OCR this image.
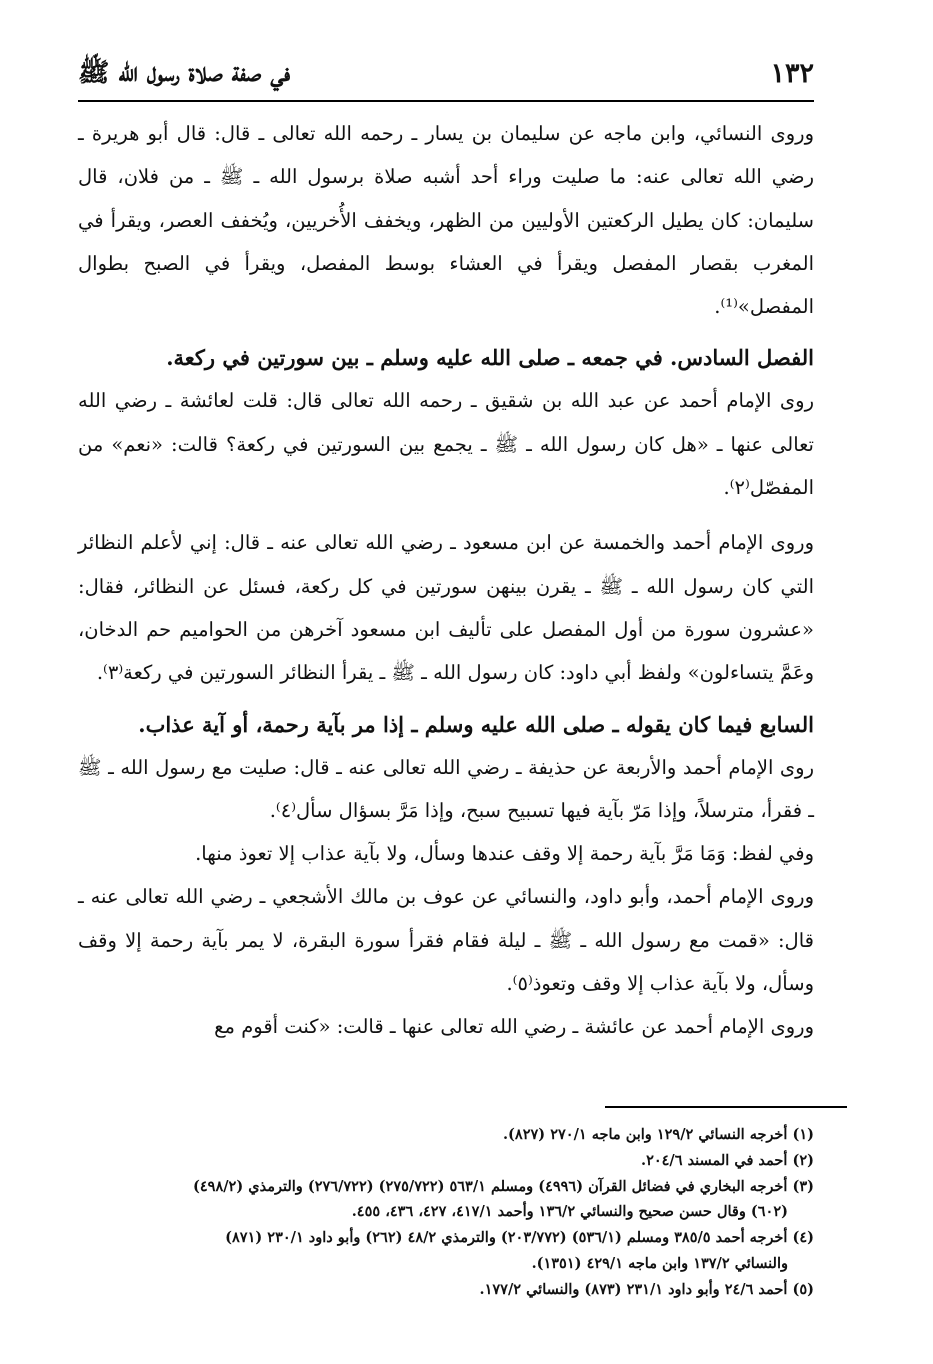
١٣٢
في صفة صلاة رسول الله ﷺ

وروى النسائي، وابن ماجه عن سليمان بن يسار ـ رحمه الله تعالى ـ قال: قال أبو هريرة ـ رضي الله تعالى عنه: ما صليت وراء أحد أشبه صلاة برسول الله ـ ﷺ ـ من فلان، قال سليمان: كان يطيل الركعتين الأوليين من الظهر، ويخفف الأُخريين، ويُخفف العصر، ويقرأ في المغرب بقصار المفصل ويقرأ في العشاء بوسط المفصل، ويقرأ في الصبح بطوال المفصل»⁽¹⁾.

الفصل السادس. في جمعه ـ صلى الله عليه وسلم ـ بين سورتين في ركعة.

روى الإمام أحمد عن عبد الله بن شقيق ـ رحمه الله تعالى قال: قلت لعائشة ـ رضي الله تعالى عنها ـ «هل كان رسول الله ـ ﷺ ـ يجمع بين السورتين في ركعة؟ قالت: «نعم» من المفصّل⁽٢⁾.

وروى الإمام أحمد والخمسة عن ابن مسعود ـ رضي الله تعالى عنه ـ قال: إني لأعلم النظائر التي كان رسول الله ـ ﷺ ـ يقرن بينهن سورتين في كل ركعة، فسئل عن النظائر، فقال: «عشرون سورة من أول المفصل على تأليف ابن مسعود آخرهن من الحواميم حم الدخان، وعَمَّ يتساءلون» ولفظ أبي داود: كان رسول الله ـ ﷺ ـ يقرأ النظائر السورتين في ركعة⁽٣⁾.

السابع فيما كان يقوله ـ صلى الله عليه وسلم ـ إذا مر بآية رحمة، أو آية عذاب.

روى الإمام أحمد والأربعة عن حذيفة ـ رضي الله تعالى عنه ـ قال: صليت مع رسول الله ـ ﷺ ـ فقرأ، مترسلاً، وإذا مَرّ بآية فيها تسبيح سبح، وإذا مَرَّ بسؤال سأل⁽٤⁾.

وفي لفظ: وَمَا مَرَّ بآية رحمة إلا وقف عندها وسأل، ولا بآية عذاب إلا تعوذ منها.

وروى الإمام أحمد، وأبو داود، والنسائي عن عوف بن مالك الأشجعي ـ رضي الله تعالى عنه ـ قال: «قمت مع رسول الله ـ ﷺ ـ ليلة فقام فقرأ سورة البقرة، لا يمر بآية رحمة إلا وقف وسأل، ولا بآية عذاب إلا وقف وتعوذ⁽٥⁾.

وروى الإمام أحمد عن عائشة ـ رضي الله تعالى عنها ـ قالت: «كنت أقوم مع

(١) أخرجه النسائي ١٢٩/٢ وابن ماجه ٢٧٠/١ (٨٢٧).

(٢) أحمد في المسند ٢٠٤/٦.

(٣) أخرجه البخاري في فضائل القرآن (٤٩٩٦) ومسلم ٥٦٣/١ (٢٧٥/٧٢٢) (٢٧٦/٧٢٢) والترمذي (٤٩٨/٢)

(٦٠٢) وقال حسن صحيح والنسائي ١٣٦/٢ وأحمد ٤١٧/١، ٤٢٧، ٤٣٦، ٤٥٥.

(٤) أخرجه أحمد ٣٨٥/٥ ومسلم (٥٣٦/١) (٢٠٣/٧٧٢) والترمذي ٤٨/٢ (٢٦٢) وأبو داود ٢٣٠/١ (٨٧١)

والنسائي ١٣٧/٢ وابن ماجه ٤٢٩/١ (١٣٥١).

(٥) أحمد ٢٤/٦ وأبو داود ٢٣١/١ (٨٧٣) والنسائي ١٧٧/٢.
